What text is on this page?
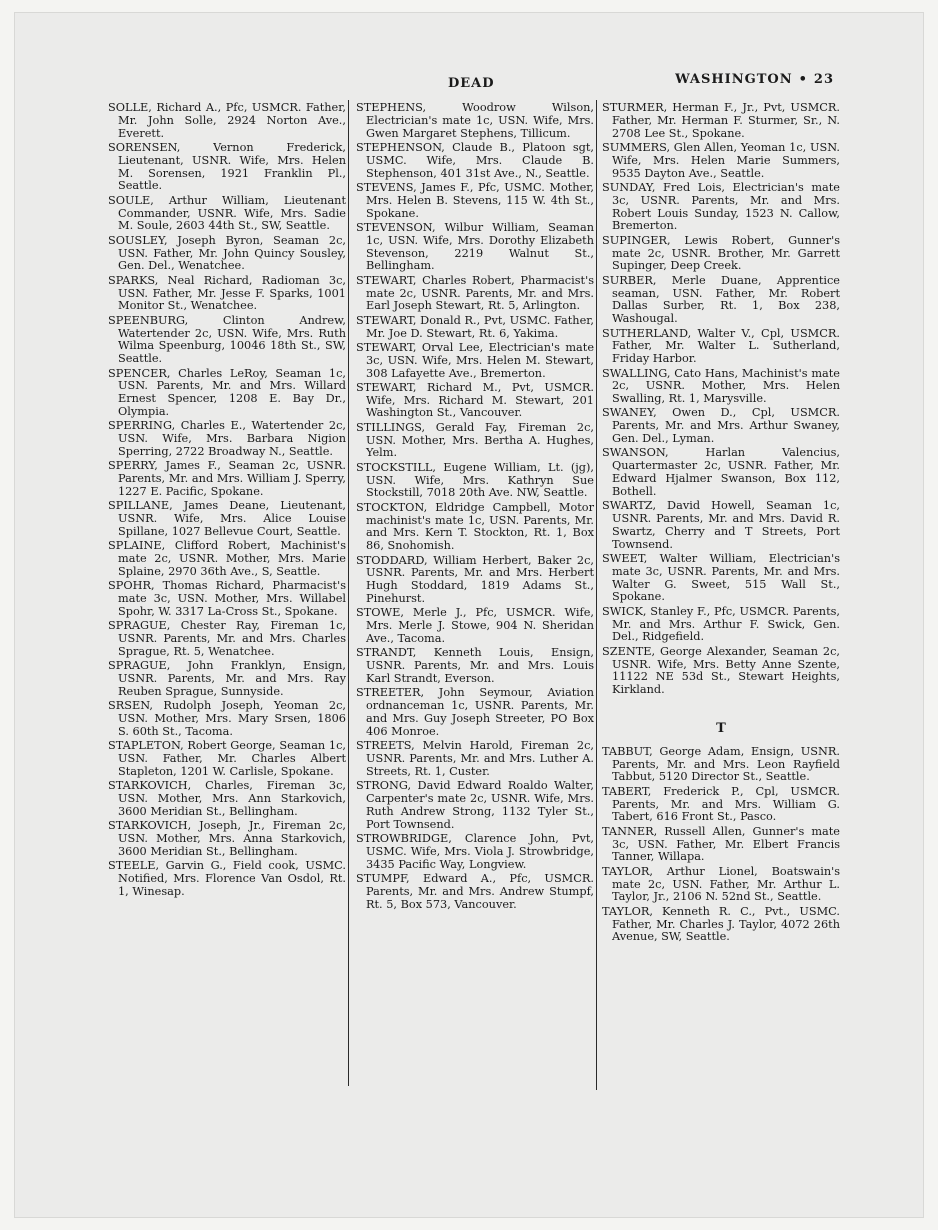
DEAD	WASHINGTON • 23

SOLLE, Richard A., Pfc, USMCR. Father, Mr. John Solle, 2924 Norton Ave., Everett.

SORENSEN, Vernon Frederick, Lieutenant, USNR. Wife, Mrs. Helen M. Sorensen, 1921 Franklin Pl., Seattle.

SOULE, Arthur William, Lieutenant Commander, USNR. Wife, Mrs. Sadie M. Soule, 2603 44th St., SW, Seattle.

SOUSLEY, Joseph Byron, Seaman 2c, USN. Father, Mr. John Quincy Sousley, Gen. Del., Wenatchee.

SPARKS, Neal Richard, Radioman 3c, USN. Father, Mr. Jesse F. Sparks, 1001 Monitor St., Wenatchee.

SPEENBURG, Clinton Andrew, Watertender 2c, USN. Wife, Mrs. Ruth Wilma Speenburg, 10046 18th St., SW, Seattle.

SPENCER, Charles LeRoy, Seaman 1c, USN. Parents, Mr. and Mrs. Willard Ernest Spencer, 1208 E. Bay Dr., Olympia.

SPERRING, Charles E., Watertender 2c, USN. Wife, Mrs. Barbara Nigion Sperring, 2722 Broadway N., Seattle.

SPERRY, James F., Seaman 2c, USNR. Parents, Mr. and Mrs. William J. Sperry, 1227 E. Pacific, Spokane.

SPILLANE, James Deane, Lieutenant, USNR. Wife, Mrs. Alice Louise Spillane, 1027 Bellevue Court, Seattle.

SPLAINE, Clifford Robert, Machinist's mate 2c, USNR. Mother, Mrs. Marie Splaine, 2970 36th Ave., S, Seattle.

SPOHR, Thomas Richard, Pharmacist's mate 3c, USN. Mother, Mrs. Willabel Spohr, W. 3317 La-Cross St., Spokane.

SPRAGUE, Chester Ray, Fireman 1c, USNR. Parents, Mr. and Mrs. Charles Sprague, Rt. 5, Wenatchee.

SPRAGUE, John Franklyn, Ensign, USNR. Parents, Mr. and Mrs. Ray Reuben Sprague, Sunnyside.

SRSEN, Rudolph Joseph, Yeoman 2c, USN. Mother, Mrs. Mary Srsen, 1806 S. 60th St., Tacoma.

STAPLETON, Robert George, Seaman 1c, USN. Father, Mr. Charles Albert Stapleton, 1201 W. Carlisle, Spokane.

STARKOVICH, Charles, Fireman 3c, USN. Mother, Mrs. Ann Starkovich, 3600 Meridian St., Bellingham.

STARKOVICH, Joseph, Jr., Fireman 2c, USN. Mother, Mrs. Anna Starkovich, 3600 Meridian St., Bellingham.

STEELE, Garvin G., Field cook, USMC. Notified, Mrs. Florence Van Osdol, Rt. 1, Winesap.

STEPHENS, Woodrow Wilson, Electrician's mate 1c, USN. Wife, Mrs. Gwen Margaret Stephens, Tillicum.

STEPHENSON, Claude B., Platoon sgt, USMC. Wife, Mrs. Claude B. Stephenson, 401 31st Ave., N., Seattle.

STEVENS, James F., Pfc, USMC. Mother, Mrs. Helen B. Stevens, 115 W. 4th St., Spokane.

STEVENSON, Wilbur William, Seaman 1c, USN. Wife, Mrs. Dorothy Elizabeth Stevenson, 2219 Walnut St., Bellingham.

STEWART, Charles Robert, Pharmacist's mate 2c, USNR. Parents, Mr. and Mrs. Earl Joseph Stewart, Rt. 5, Arlington.

STEWART, Donald R., Pvt, USMC. Father, Mr. Joe D. Stewart, Rt. 6, Yakima.

STEWART, Orval Lee, Electrician's mate 3c, USN. Wife, Mrs. Helen M. Stewart, 308 Lafayette Ave., Bremerton.

STEWART, Richard M., Pvt, USMCR. Wife, Mrs. Richard M. Stewart, 201 Washington St., Vancouver.

STILLINGS, Gerald Fay, Fireman 2c, USN. Mother, Mrs. Bertha A. Hughes, Yelm.

STOCKSTILL, Eugene William, Lt. (jg), USN. Wife, Mrs. Kathryn Sue Stockstill, 7018 20th Ave. NW, Seattle.

STOCKTON, Eldridge Campbell, Motor machinist's mate 1c, USN. Parents, Mr. and Mrs. Kern T. Stockton, Rt. 1, Box 86, Snohomish.

STODDARD, William Herbert, Baker 2c, USNR. Parents, Mr. and Mrs. Herbert Hugh Stoddard, 1819 Adams St., Pinehurst.

STOWE, Merle J., Pfc, USMCR. Wife, Mrs. Merle J. Stowe, 904 N. Sheridan Ave., Tacoma.

STRANDT, Kenneth Louis, Ensign, USNR. Parents, Mr. and Mrs. Louis Karl Strandt, Everson.

STREETER, John Seymour, Aviation ordnanceman 1c, USNR. Parents, Mr. and Mrs. Guy Joseph Streeter, PO Box 406 Monroe.

STREETS, Melvin Harold, Fireman 2c, USNR. Parents, Mr. and Mrs. Luther A. Streets, Rt. 1, Custer.

STRONG, David Edward Roaldo Walter, Carpenter's mate 2c, USNR. Wife, Mrs. Ruth Andrew Strong, 1132 Tyler St., Port Townsend.

STROWBRIDGE, Clarence John, Pvt, USMC. Wife, Mrs. Viola J. Strowbridge, 3435 Pacific Way, Longview.

STUMPF, Edward A., Pfc, USMCR. Parents, Mr. and Mrs. Andrew Stumpf, Rt. 5, Box 573, Vancouver.

STURMER, Herman F., Jr., Pvt, USMCR. Father, Mr. Herman F. Sturmer, Sr., N. 2708 Lee St., Spokane.

SUMMERS, Glen Allen, Yeoman 1c, USN. Wife, Mrs. Helen Marie Summers, 9535 Dayton Ave., Seattle.

SUNDAY, Fred Lois, Electrician's mate 3c, USNR. Parents, Mr. and Mrs. Robert Louis Sunday, 1523 N. Callow, Bremerton.

SUPINGER, Lewis Robert, Gunner's mate 2c, USNR. Brother, Mr. Garrett Supinger, Deep Creek.

SURBER, Merle Duane, Apprentice seaman, USN. Father, Mr. Robert Dallas Surber, Rt. 1, Box 238, Washougal.

SUTHERLAND, Walter V., Cpl, USMCR. Father, Mr. Walter L. Sutherland, Friday Harbor.

SWALLING, Cato Hans, Machinist's mate 2c, USNR. Mother, Mrs. Helen Swalling, Rt. 1, Marysville.

SWANEY, Owen D., Cpl, USMCR. Parents, Mr. and Mrs. Arthur Swaney, Gen. Del., Lyman.

SWANSON, Harlan Valencius, Quartermaster 2c, USNR. Father, Mr. Edward Hjalmer Swanson, Box 112, Bothell.

SWARTZ, David Howell, Seaman 1c, USNR. Parents, Mr. and Mrs. David R. Swartz, Cherry and T Streets, Port Townsend.

SWEET, Walter William, Electrician's mate 3c, USNR. Parents, Mr. and Mrs. Walter G. Sweet, 515 Wall St., Spokane.

SWICK, Stanley F., Pfc, USMCR. Parents, Mr. and Mrs. Arthur F. Swick, Gen. Del., Ridgefield.

SZENTE, George Alexander, Seaman 2c, USNR. Wife, Mrs. Betty Anne Szente, 11122 NE 53d St., Stewart Heights, Kirkland.

T

TABBUT, George Adam, Ensign, USNR. Parents, Mr. and Mrs. Leon Rayfield Tabbut, 5120 Director St., Seattle.

TABERT, Frederick P., Cpl, USMCR. Parents, Mr. and Mrs. William G. Tabert, 616 Front St., Pasco.

TANNER, Russell Allen, Gunner's mate 3c, USN. Father, Mr. Elbert Francis Tanner, Willapa.

TAYLOR, Arthur Lionel, Boatswain's mate 2c, USN. Father, Mr. Arthur L. Taylor, Jr., 2106 N. 52nd St., Seattle.

TAYLOR, Kenneth R. C., Pvt., USMC. Father, Mr. Charles J. Taylor, 4072 26th Avenue, SW, Seattle.
